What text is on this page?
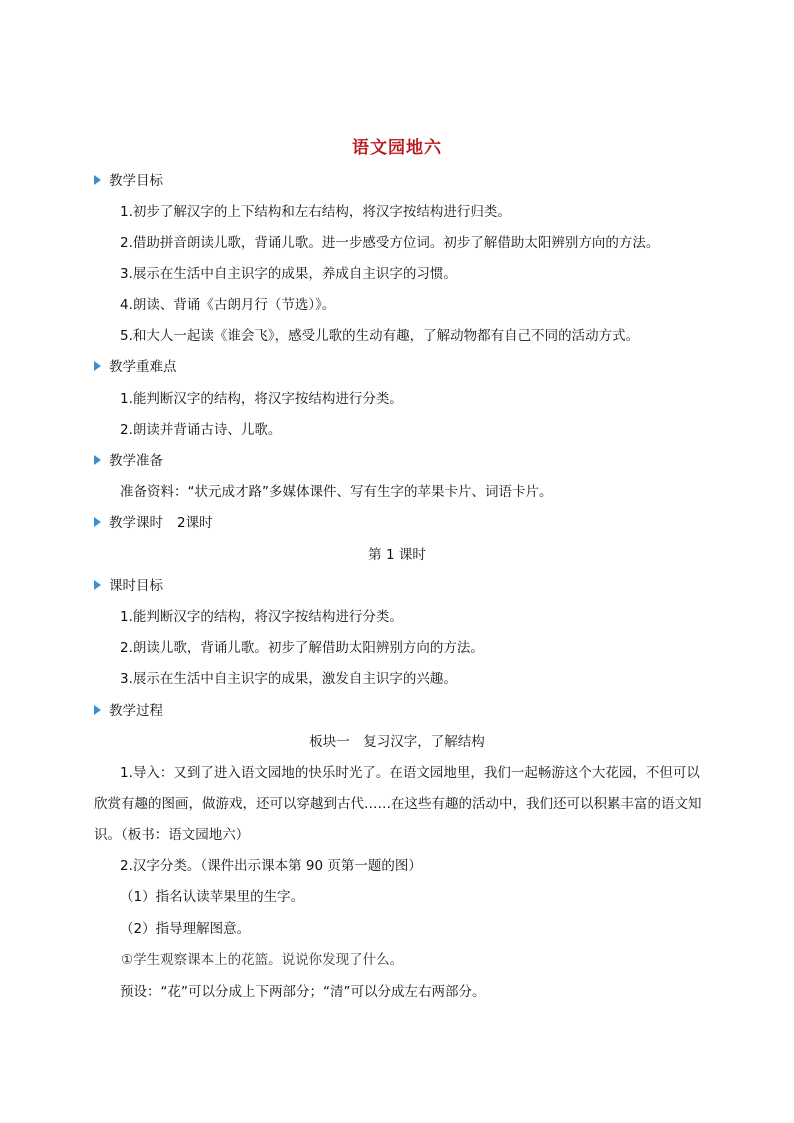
语文园地六
教学目标
1.初步了解汉字的上下结构和左右结构，将汉字按结构进行归类。
2.借助拼音朗读儿歌，背诵儿歌。进一步感受方位词。初步了解借助太阳辨别方向的方法。
3.展示在生活中自主识字的成果，养成自主识字的习惯。
4.朗读、背诵《古朗月行（节选）》。
5.和大人一起读《谁会飞》，感受儿歌的生动有趣，了解动物都有自己不同的活动方式。
教学重难点
1.能判断汉字的结构，将汉字按结构进行分类。
2.朗读并背诵古诗、儿歌。
教学准备
准备资料：“状元成才路”多媒体课件、写有生字的苹果卡片、词语卡片。
教学课时 2课时
第 1 课时
课时目标
1.能判断汉字的结构，将汉字按结构进行分类。
2.朗读儿歌，背诵儿歌。初步了解借助太阳辨别方向的方法。
3.展示在生活中自主识字的成果，激发自主识字的兴趣。
教学过程
板块一　复习汉字，了解结构
1.导入：又到了进入语文园地的快乐时光了。在语文园地里，我们一起畅游这个大花园，不但可以
欣赏有趣的图画，做游戏，还可以穿越到古代……在这些有趣的活动中，我们还可以积累丰富的语文知
识。（板书：语文园地六）
2.汉字分类。（课件出示课本第 90 页第一题的图）
（1）指名认读苹果里的生字。
（2）指导理解图意。
①学生观察课本上的花篮。说说你发现了什么。
预设：“花”可以分成上下两部分；“清”可以分成左右两部分。
